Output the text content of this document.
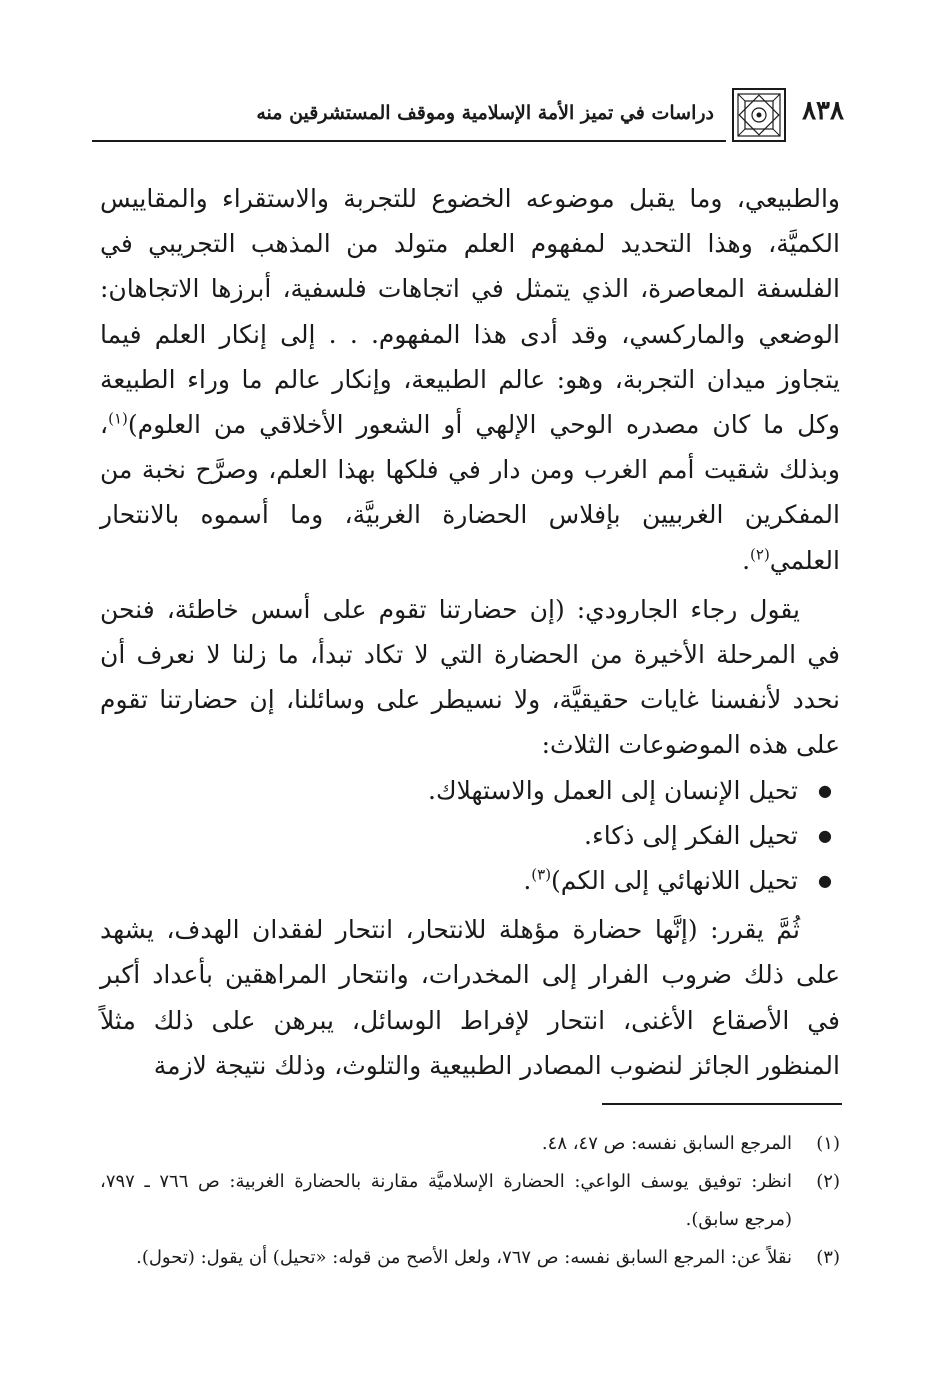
دراسات في تميز الأمة الإسلامية وموقف المستشرقين منه	٨٣٨

والطبيعي، وما يقبل موضوعه الخضوع للتجربة والاستقراء والمقاييس الكميَّة، وهذا التحديد لمفهوم العلم متولد من المذهب التجريبي في الفلسفة المعاصرة، الذي يتمثل في اتجاهات فلسفية، أبرزها الاتجاهان: الوضعي والماركسي، وقد أدى هذا المفهوم. . . إلى إنكار العلم فيما يتجاوز ميدان التجربة، وهو: عالم الطبيعة، وإنكار عالم ما وراء الطبيعة وكل ما كان مصدره الوحي الإلهي أو الشعور الأخلاقي من العلوم)$^{(١)}$، وبذلك شقيت أمم الغرب ومن دار في فلكها بهذا العلم، وصرَّح نخبة من المفكرين الغربيين بإفلاس الحضارة الغربيَّة، وما أسموه بالانتحار العلمي$^{(٢)}$.

يقول رجاء الجارودي: (إن حضارتنا تقوم على أسس خاطئة، فنحن في المرحلة الأخيرة من الحضارة التي لا تكاد تبدأ، ما زلنا لا نعرف أن نحدد لأنفسنا غايات حقيقيَّة، ولا نسيطر على وسائلنا، إن حضارتنا تقوم على هذه الموضوعات الثلاث:

● تحيل الإنسان إلى العمل والاستهلاك.
● تحيل الفكر إلى ذكاء.
● تحيل اللانهائي إلى الكم)$^{(٣)}$.

ثُمَّ يقرر: (إنَّها حضارة مؤهلة للانتحار، انتحار لفقدان الهدف، يشهد على ذلك ضروب الفرار إلى المخدرات، وانتحار المراهقين بأعداد أكبر في الأصقاع الأغنى، انتحار لإفراط الوسائل، يبرهن على ذلك مثلاً المنظور الجائز لنضوب المصادر الطبيعية والتلوث، وذلك نتيجة لازمة

(١)
المرجع السابق نفسه: ص ٤٧، ٤٨.
(٢)
انظر: توفيق يوسف الواعي: الحضارة الإسلاميَّة مقارنة بالحضارة الغربية: ص ٧٦٦ ـ ٧٩٧، (مرجع سابق).
(٣)
نقلاً عن: المرجع السابق نفسه: ص ٧٦٧، ولعل الأصح من قوله: «تحيل) أن يقول: (تحول).
